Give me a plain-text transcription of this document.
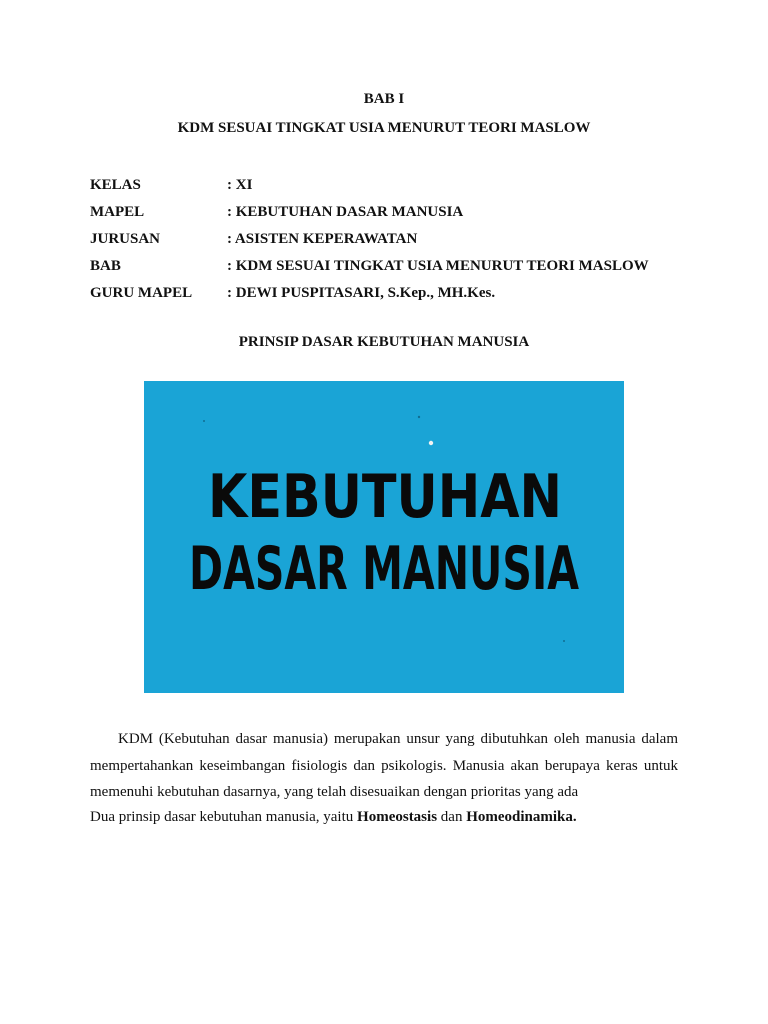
BAB I
KDM SESUAI TINGKAT USIA MENURUT TEORI MASLOW
KELAS	: XI
MAPEL	: KEBUTUHAN DASAR MANUSIA
JURUSAN	: ASISTEN KEPERAWATAN
BAB	: KDM SESUAI TINGKAT USIA MENURUT TEORI MASLOW
GURU MAPEL	: DEWI PUSPITASARI, S.Kep., MH.Kes.
PRINSIP DASAR KEBUTUHAN MANUSIA
KEBUTUHAN
DASAR MANUSIA
KDM (Kebutuhan dasar manusia) merupakan unsur yang dibutuhkan oleh manusia dalam mempertahankan keseimbangan fisiologis dan psikologis. Manusia akan berupaya keras untuk memenuhi kebutuhan dasarnya, yang telah disesuaikan dengan prioritas yang ada
Dua prinsip dasar kebutuhan manusia, yaitu Homeostasis dan Homeodinamika.
